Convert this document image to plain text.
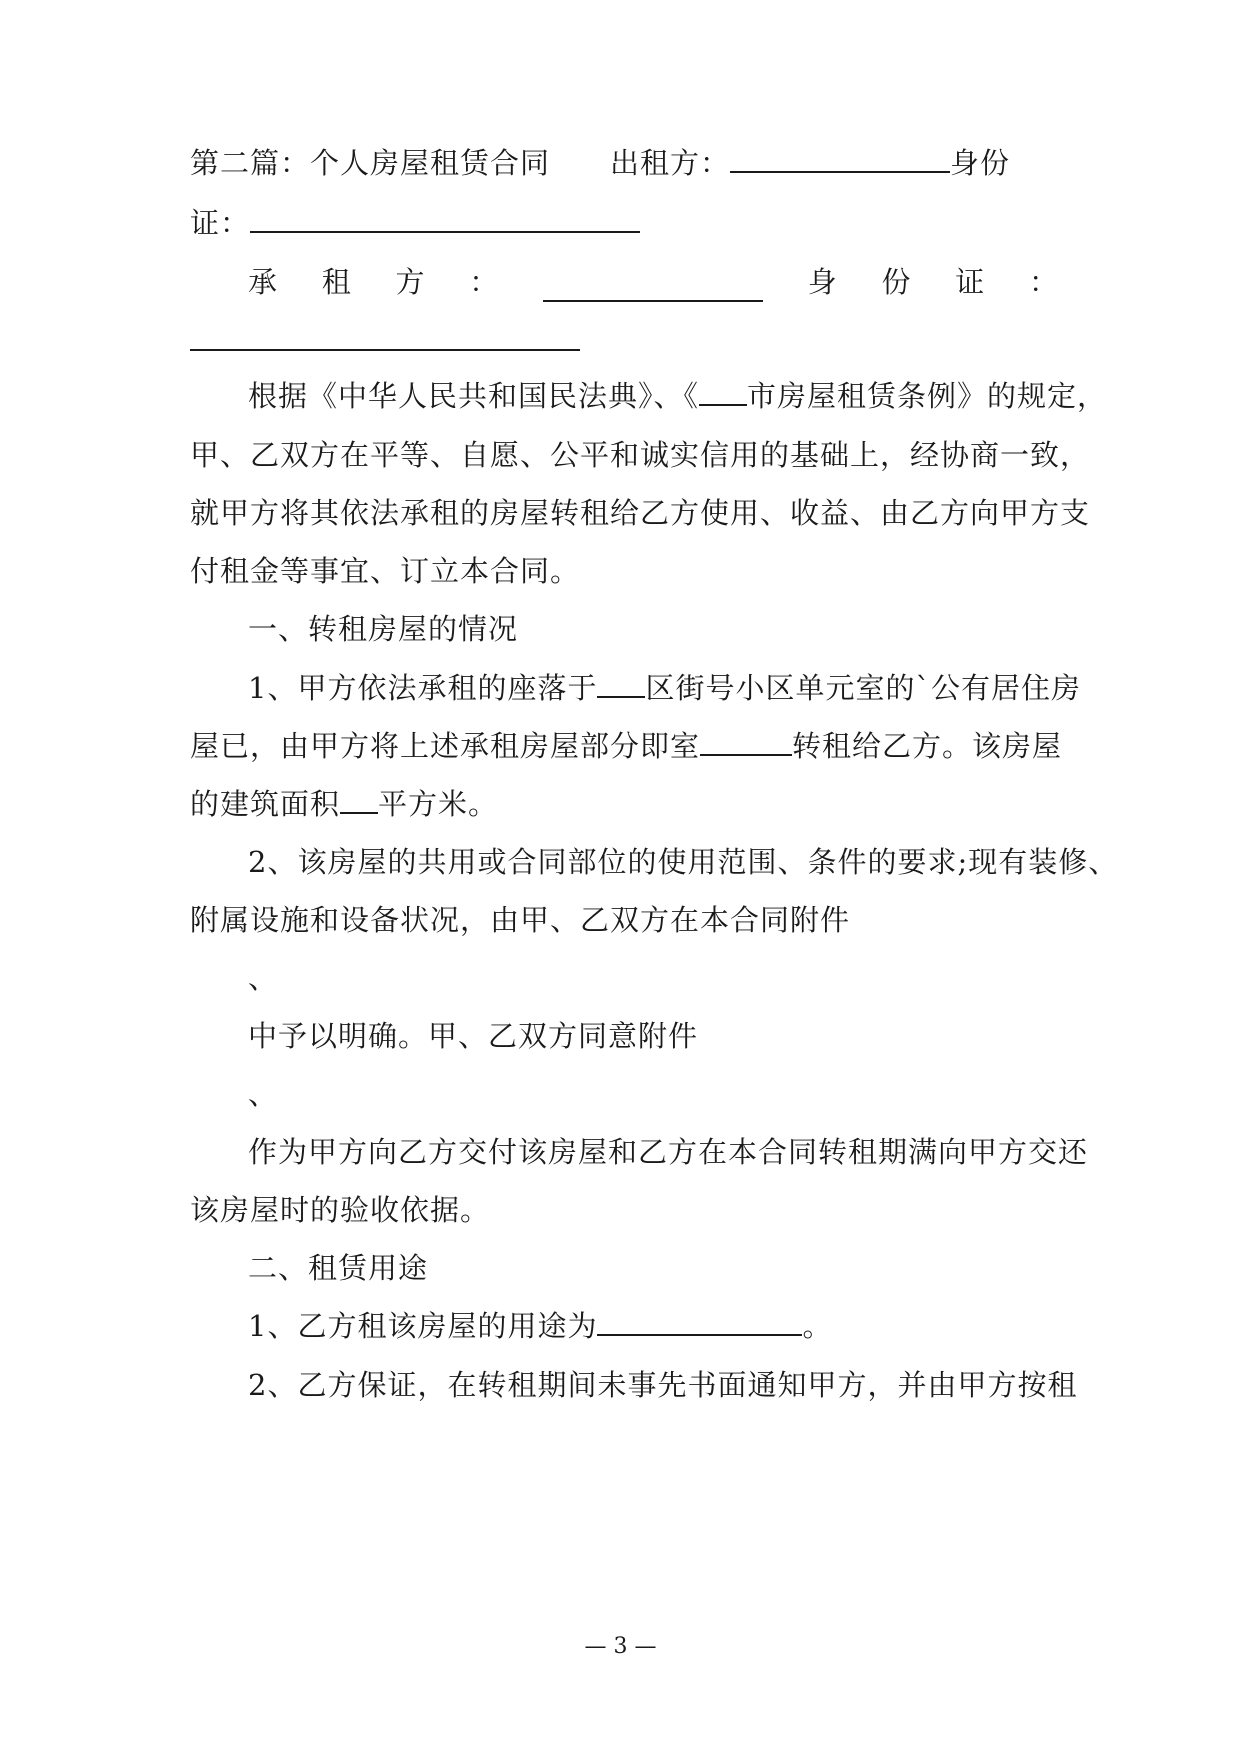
第二篇：个人房屋租赁合同 出租方：	身份
证：
承 租 方 ：	身 份 证 ：
根据《中华人民共和国民法典》、《 市房屋租赁条例》的规定，
甲、乙双方在平等、自愿、公平和诚实信用的基础上，经协商一致，
就甲方将其依法承租的房屋转租给乙方使用、收益、由乙方向甲方支
付租金等事宜、订立本合同。
一、转租房屋的情况
1、甲方依法承租的座落于 区街号小区单元室的`公有居住房
屋已，由甲方将上述承租房屋部分即室	转租给乙方。该房屋
的建筑面积 平方米。
2、该房屋的共用或合同部位的使用范围、条件的要求;现有装修、
附属设施和设备状况，由甲、乙双方在本合同附件
、
中予以明确。甲、乙双方同意附件
、
作为甲方向乙方交付该房屋和乙方在本合同转租期满向甲方交还
该房屋时的验收依据。
二、租赁用途
1、乙方租该房屋的用途为	。
2、乙方保证，在转租期间未事先书面通知甲方，并由甲方按租
— 3 —
